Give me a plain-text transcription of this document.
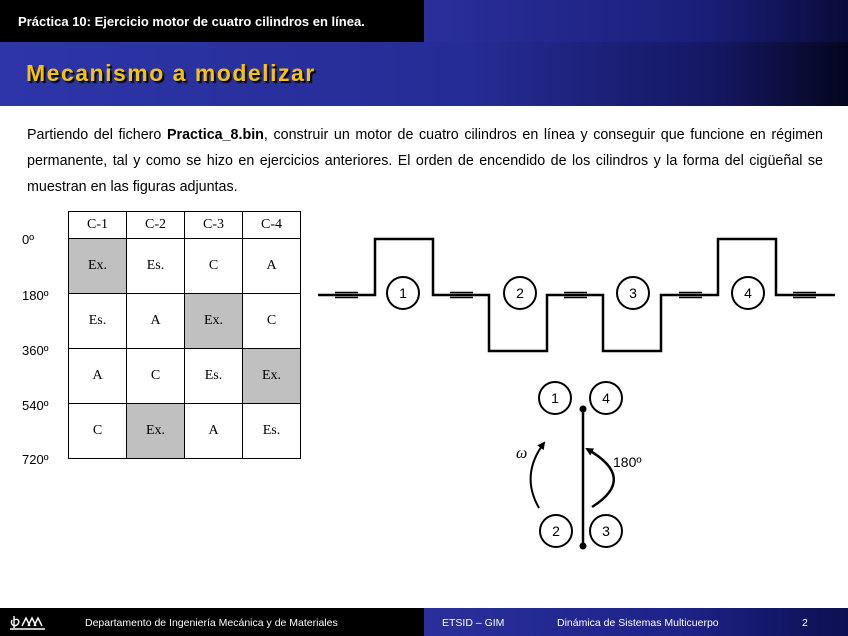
Práctica 10: Ejercicio motor de cuatro cilindros en línea.
Mecanismo a modelizar

Partiendo del fichero Practica_8.bin, construir un motor de cuatro cilindros en línea y conseguir que funcione en régimen permanente, tal y como se hizo en ejercicios anteriores. El orden de encendido de los cilindros y la forma del cigüeñal se muestran en las figuras adjuntas.

0º
180º
360º
540º
720º
C-1	C-2	C-3	C-4
Ex.	Es.	C	A
Es.	A	Ex.	C
A	C	Es.	Ex.
C	Ex.	A	Es.
1	2	3	4
1	4
2	3
ω	180º
Departamento de Ingeniería Mecánica y de Materiales	ETSID – GIM	Dinámica de Sistemas Multicuerpo	2
